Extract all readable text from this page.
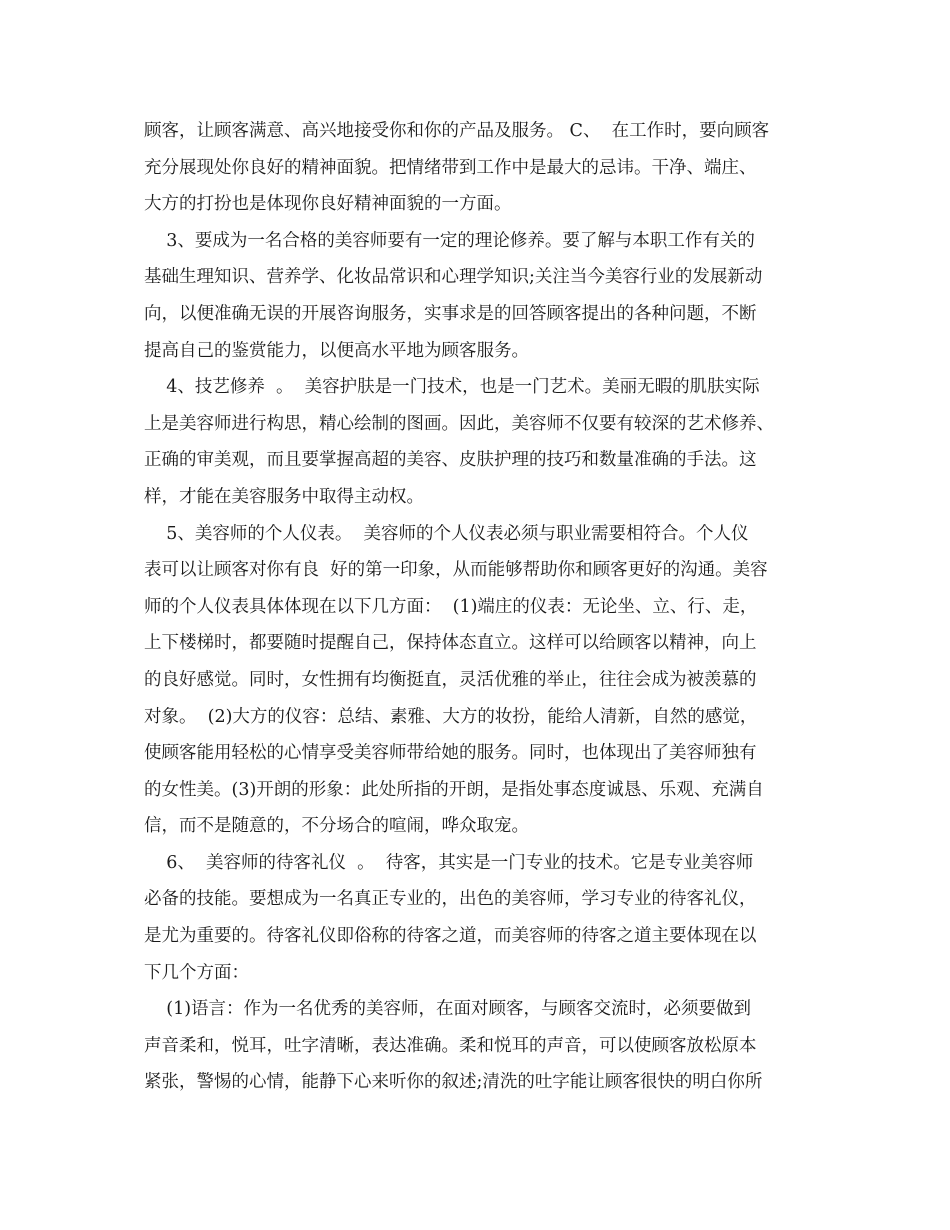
顾客，让顾客满意、高兴地接受你和你的产品及服务。 C、  在工作时，要向顾客
充分展现处你良好的精神面貌。把情绪带到工作中是最大的忌讳。干净、端庄、
大方的打扮也是体现你良好精神面貌的一方面。
3、要成为一名合格的美容师要有一定的理论修养。要了解与本职工作有关的
基础生理知识、营养学、化妆品常识和心理学知识;关注当今美容行业的发展新动
向，以便准确无误的开展咨询服务，实事求是的回答顾客提出的各种问题，不断
提高自己的鉴赏能力，以便高水平地为顾客服务。
4、技艺修养  。  美容护肤是一门技术，也是一门艺术。美丽无暇的肌肤实际
上是美容师进行构思，精心绘制的图画。因此，美容师不仅要有较深的艺术修养、
正确的审美观，而且要掌握高超的美容、皮肤护理的技巧和数量准确的手法。这
样，才能在美容服务中取得主动权。
5、美容师的个人仪表。  美容师的个人仪表必须与职业需要相符合。个人仪
表可以让顾客对你有良  好的第一印象，从而能够帮助你和顾客更好的沟通。美容
师的个人仪表具体体现在以下几方面：  (1)端庄的仪表：无论坐、立、行、走，
上下楼梯时，都要随时提醒自己，保持体态直立。这样可以给顾客以精神，向上
的良好感觉。同时，女性拥有均衡挺直，灵活优雅的举止，往往会成为被羡慕的
对象。  (2)大方的仪容：总结、素雅、大方的妆扮，能给人清新，自然的感觉，
使顾客能用轻松的心情享受美容师带给她的服务。同时，也体现出了美容师独有
的女性美。(3)开朗的形象：此处所指的开朗，是指处事态度诚恳、乐观、充满自
信，而不是随意的，不分场合的喧闹，哗众取宠。
6、  美容师的待客礼仪  。  待客，其实是一门专业的技术。它是专业美容师
必备的技能。要想成为一名真正专业的，出色的美容师，学习专业的待客礼仪，
是尤为重要的。待客礼仪即俗称的待客之道，而美容师的待客之道主要体现在以
下几个方面：
(1)语言：作为一名优秀的美容师，在面对顾客，与顾客交流时，必须要做到
声音柔和，悦耳，吐字清晰，表达准确。柔和悦耳的声音，可以使顾客放松原本
紧张，警惕的心情，能静下心来听你的叙述;清洗的吐字能让顾客很快的明白你所
